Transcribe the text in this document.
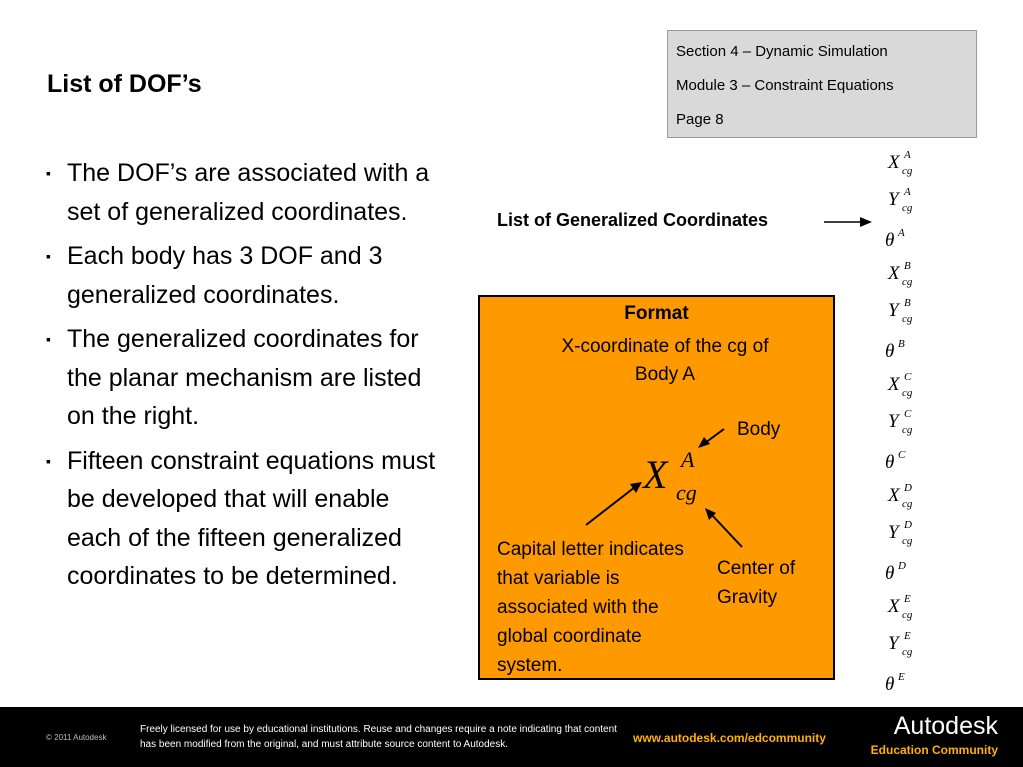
List of DOF’s
Section 4 – Dynamic Simulation
Module 3 – Constraint Equations
Page 8
▪ The DOF’s are associated with a set of generalized coordinates.
▪ Each body has 3 DOF and 3 generalized coordinates.
▪ The generalized coordinates for the planar mechanism are listed on the right.
▪ Fifteen constraint equations must be developed that will enable each of the fifteen generalized coordinates to be determined.
List of Generalized Coordinates
Format
X-coordinate of the cg of Body A
X A
cg
Body
Capital letter indicates that variable is associated with the global coordinate system.
Center of Gravity
X A
cg
Y A
cg
θ A
X B
cg
Y B
cg
θ B
X C
cg
Y C
cg
θ C
X D
cg
Y D
cg
θ D
X E
cg
Y E
cg
θ E
© 2011 Autodesk
Freely licensed for use by educational institutions. Reuse and changes require a note indicating that content has been modified from the original, and must attribute source content to Autodesk.	www.autodesk.com/edcommunity	Autodesk
Education Community
